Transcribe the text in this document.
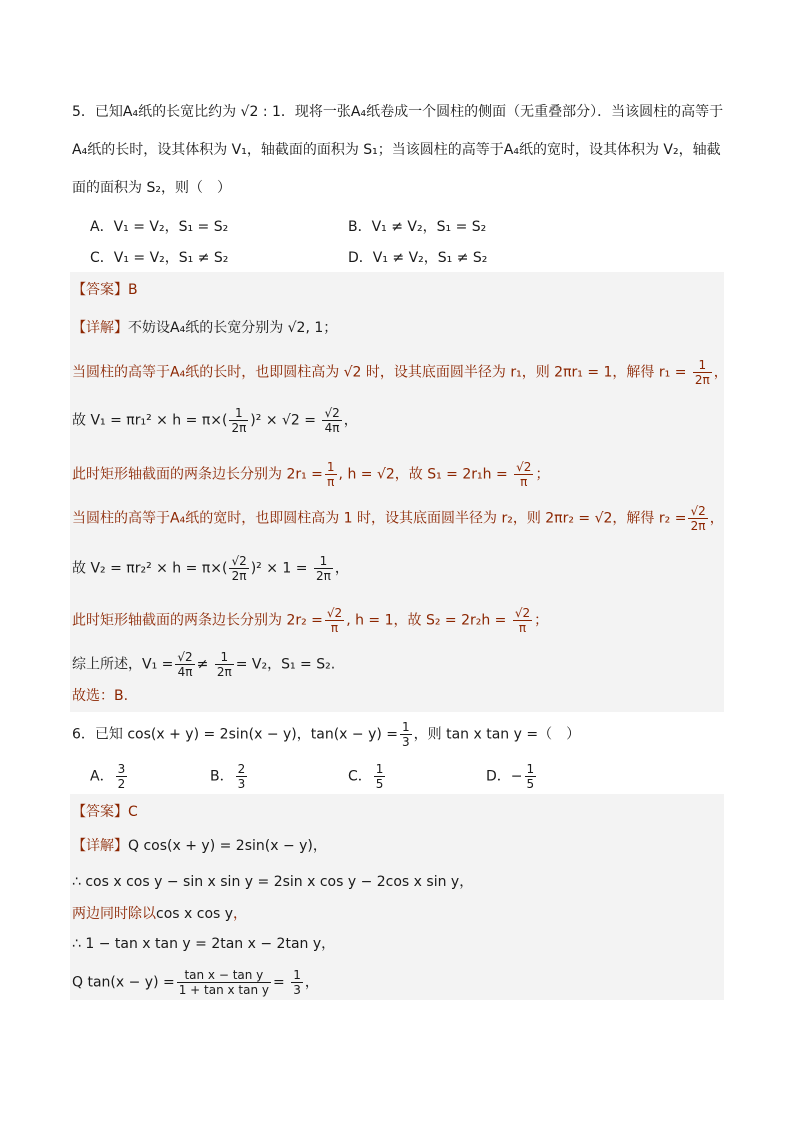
5．已知A₄纸的长宽比约为 √2 : 1．现将一张A₄纸卷成一个圆柱的侧面（无重叠部分）．当该圆柱的高等于
A₄纸的长时，设其体积为 V₁，轴截面的面积为 S₁；当该圆柱的高等于A₄纸的宽时，设其体积为 V₂，轴截
面的面积为 S₂，则（　）
A．V₁ = V₂，S₁ = S₂	B．V₁ ≠ V₂，S₁ = S₂
C．V₁ = V₂，S₁ ≠ S₂	D．V₁ ≠ V₂，S₁ ≠ S₂
【答案】B
【详解】不妨设A₄纸的长宽分别为 √2, 1；
当圆柱的高等于A₄纸的长时，也即圆柱高为 √2 时，设其底面圆半径为 r₁，则 2πr₁ = 1，解得 $r_1 = \frac{1}{2\pi}$ ，
故 $V_1 = \pi r_1^2 \times h = \pi\times( \frac{1}{2\pi} )^2 \times √2 = \frac{√2}{4\pi}$ ，
此时矩形轴截面的两条边长分别为 $2r_1 = \frac{1}{\pi}$ , h = √2，故 $S_1 = 2r_1h = \frac{√2}{\pi}$ ；
当圆柱的高等于A₄纸的宽时，也即圆柱高为 1 时，设其底面圆半径为 r₂，则 2πr₂ = √2，解得 $r_2 = \frac{√2}{2\pi}$ ，
故 $V_2 = \pi r_2^2 \times h = \pi\times( \frac{√2}{2\pi} )^2 \times 1 = \frac{1}{2\pi}$ ，
此时矩形轴截面的两条边长分别为 $2r_2 = \frac{√2}{\pi}$ , h = 1，故 $S_2 = 2r_2h = \frac{√2}{\pi}$ ；
综上所述，$V_1 = \frac{√2}{4\pi} \ne \frac{1}{2\pi} = V_2$，S₁ = S₂.
故选：B.
6．已知 cos(x + y) = 2sin(x − y)，$\tan(x - y) = \frac{1}{3}$ ，则 tan x tan y =（　）
A． $\frac{3}{2}$	B． $\frac{2}{3}$	C． $\frac{1}{5}$	D．− $\frac{1}{5}$
【答案】C
【详解】Q cos(x + y) = 2sin(x − y)，
∴ cos x cos y − sin x sin y = 2sin x cos y − 2cos x sin y，
两边同时除以cos x cos y，
∴ 1 − tan x tan y = 2tan x − 2tan y，
Q $\tan(x - y) = \frac{\text{tan x − tan y}}{\text{1 + tan x tan y}} = \frac{1}{3}$ ，
